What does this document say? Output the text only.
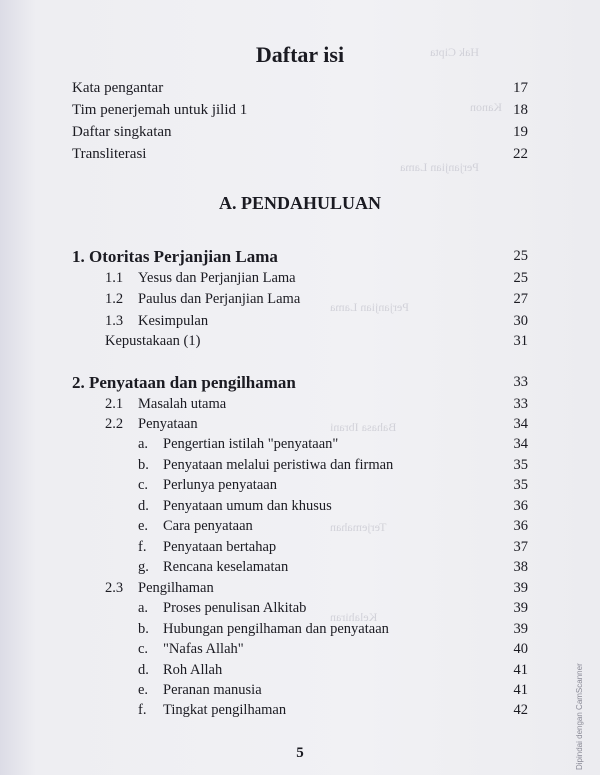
Hak Cipta
Kanon
Perjanjian Lama
Perjanjian Lama
Bahasa Ibrani
Terjemahan
Kelahiran
Daftar isi
Kata pengantar	17
Tim penerjemah untuk jilid 1	18
Daftar singkatan	19
Transliterasi	22
A. PENDAHULUAN
1. Otoritas Perjanjian Lama	25
1.1 Yesus dan Perjanjian Lama	25
1.2 Paulus dan Perjanjian Lama	27
1.3 Kesimpulan	30
Kepustakaan (1)	31
2. Penyataan dan pengilhaman	33
2.1 Masalah utama	33
2.2 Penyataan	34
a. Pengertian istilah "penyataan"	34
b. Penyataan melalui peristiwa dan firman	35
c. Perlunya penyataan	35
d. Penyataan umum dan khusus	36
e. Cara penyataan	36
f. Penyataan bertahap	37
g. Rencana keselamatan	38
2.3 Pengilhaman	39
a. Proses penulisan Alkitab	39
b. Hubungan pengilhaman dan penyataan	39
c. "Nafas Allah"	40
d. Roh Allah	41
e. Peranan manusia	41
f. Tingkat pengilhaman	42
5	Dipindai dengan CamScanner
